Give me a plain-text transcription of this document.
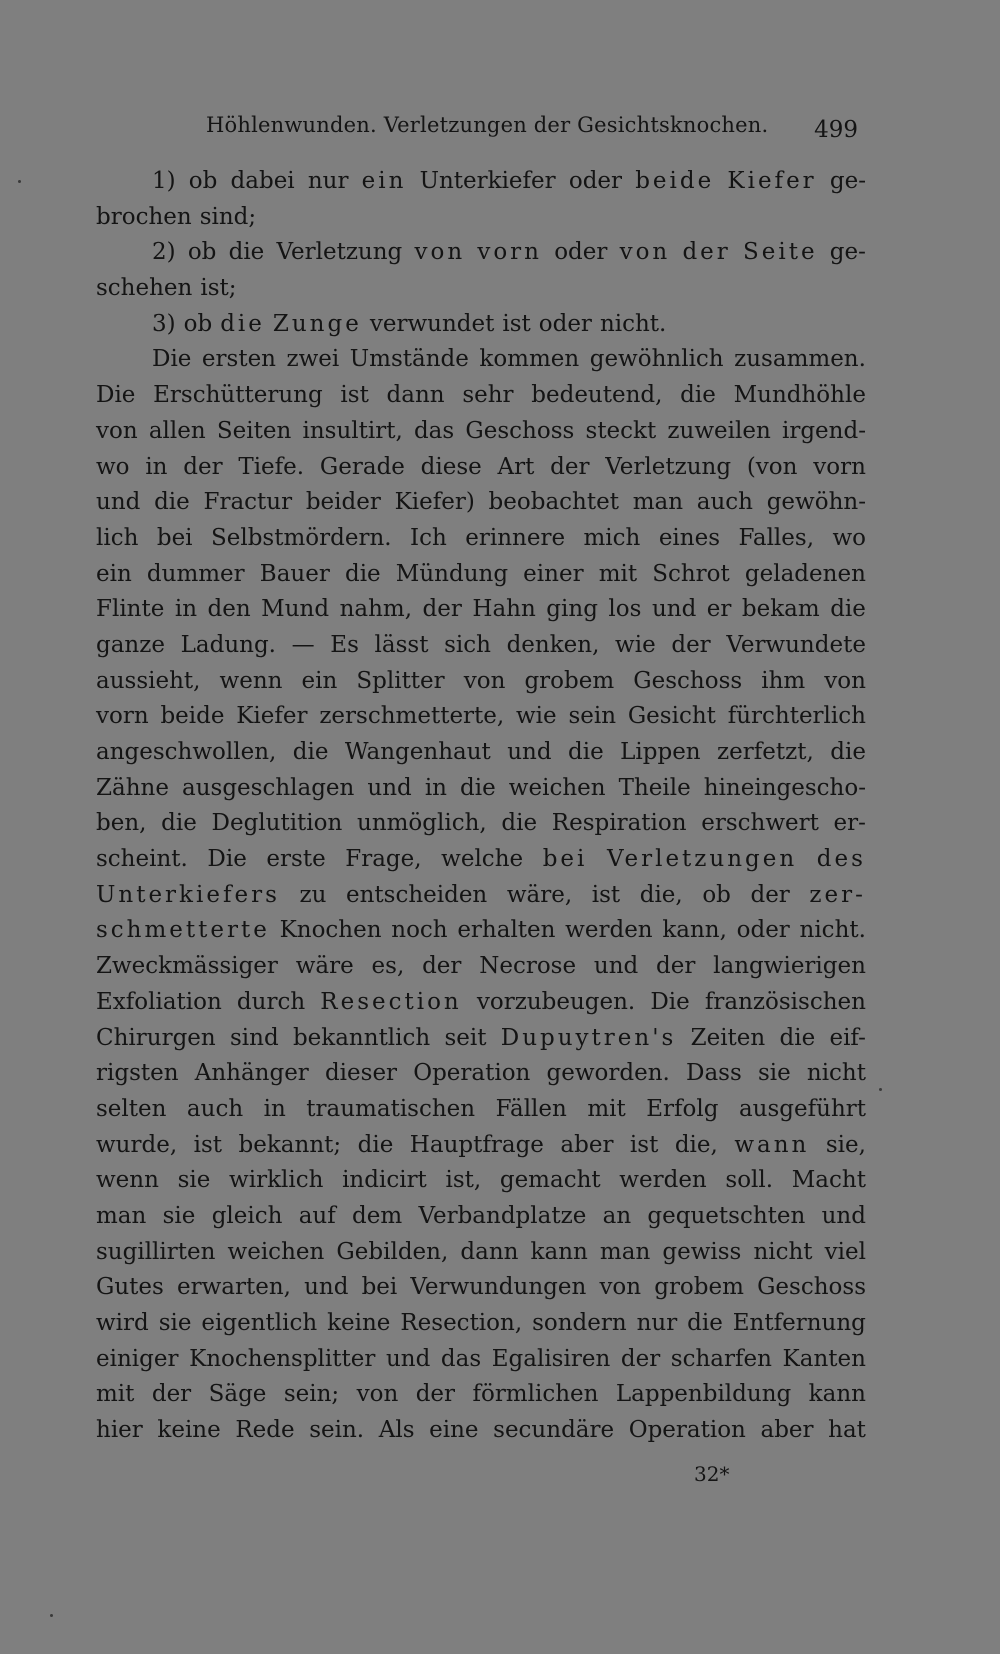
Höhlenwunden. Verletzungen der Gesichtsknochen. 499
1) ob dabei nur ein Unterkiefer oder beide Kiefer ge-
brochen sind;
2) ob die Verletzung von vorn oder von der Seite ge-
schehen ist;
3) ob die Zunge verwundet ist oder nicht.
Die ersten zwei Umstände kommen gewöhnlich zusammen.
Die Erschütterung ist dann sehr bedeutend, die Mundhöhle
von allen Seiten insultirt, das Geschoss steckt zuweilen irgend-
wo in der Tiefe. Gerade diese Art der Verletzung (von vorn
und die Fractur beider Kiefer) beobachtet man auch gewöhn-
lich bei Selbstmördern. Ich erinnere mich eines Falles, wo
ein dummer Bauer die Mündung einer mit Schrot geladenen
Flinte in den Mund nahm, der Hahn ging los und er bekam die
ganze Ladung. — Es lässt sich denken, wie der Verwundete
aussieht, wenn ein Splitter von grobem Geschoss ihm von
vorn beide Kiefer zerschmetterte, wie sein Gesicht fürchterlich
angeschwollen, die Wangenhaut und die Lippen zerfetzt, die
Zähne ausgeschlagen und in die weichen Theile hineingescho-
ben, die Deglutition unmöglich, die Respiration erschwert er-
scheint. Die erste Frage, welche bei Verletzungen des
Unterkiefers zu entscheiden wäre, ist die, ob der zer-
schmetterte Knochen noch erhalten werden kann, oder nicht.
Zweckmässiger wäre es, der Necrose und der langwierigen
Exfoliation durch Resection vorzubeugen. Die französischen
Chirurgen sind bekanntlich seit Dupuytren's Zeiten die eif-
rigsten Anhänger dieser Operation geworden. Dass sie nicht
selten auch in traumatischen Fällen mit Erfolg ausgeführt
wurde, ist bekannt; die Hauptfrage aber ist die, wann sie,
wenn sie wirklich indicirt ist, gemacht werden soll. Macht
man sie gleich auf dem Verbandplatze an gequetschten und
sugillirten weichen Gebilden, dann kann man gewiss nicht viel
Gutes erwarten, und bei Verwundungen von grobem Geschoss
wird sie eigentlich keine Resection, sondern nur die Entfernung
einiger Knochensplitter und das Egalisiren der scharfen Kanten
mit der Säge sein; von der förmlichen Lappenbildung kann
hier keine Rede sein. Als eine secundäre Operation aber hat
32*
